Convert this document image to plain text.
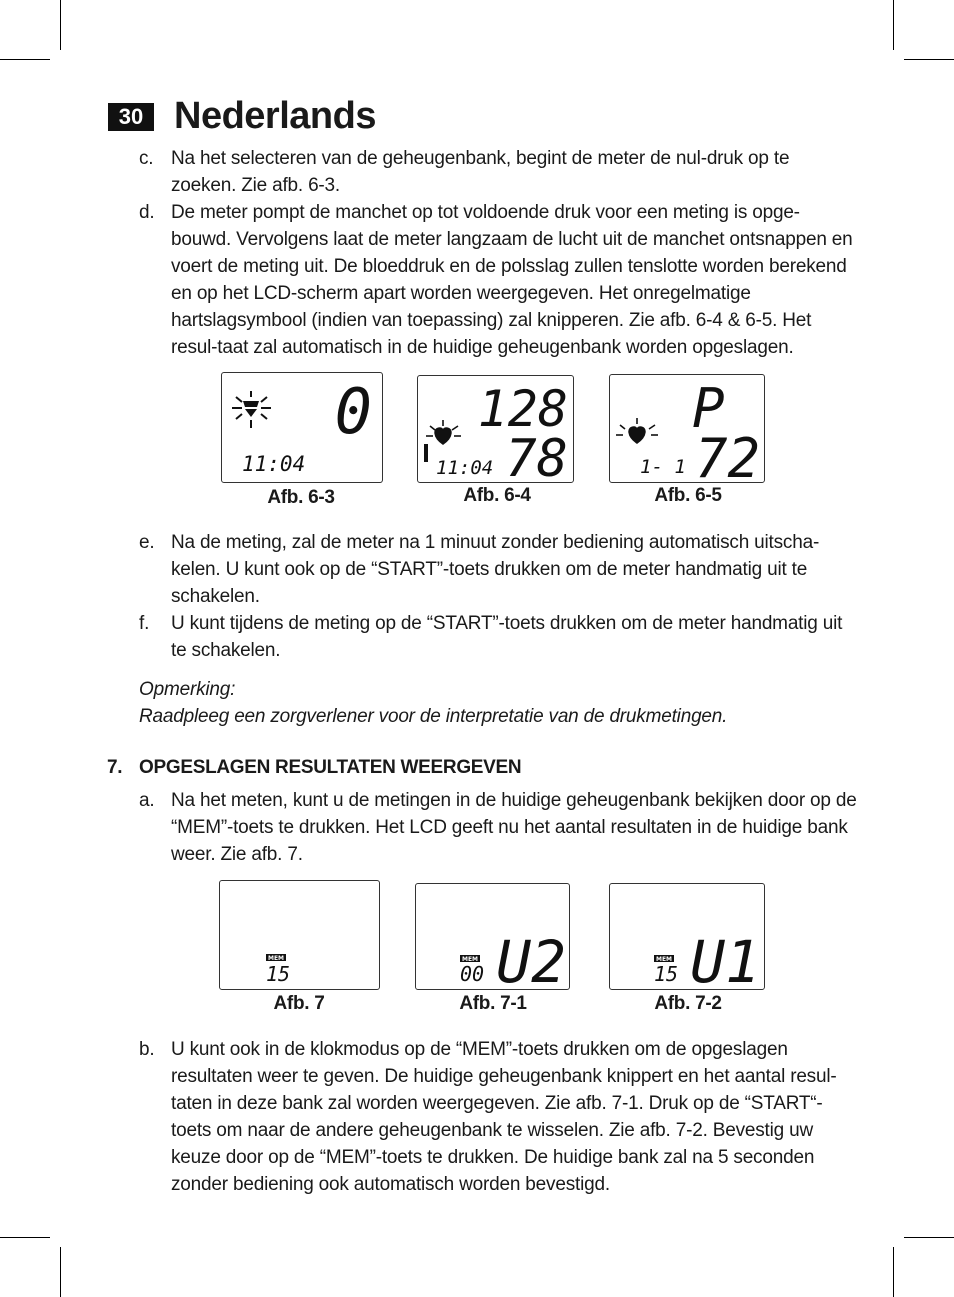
30 Nederlands
c. Na het selecteren van de geheugenbank, begint de meter de nul-druk op te zoeken. Zie afb. 6-3.
d. De meter pompt de manchet op tot voldoende druk voor een meting is opge-bouwd. Vervolgens laat de meter langzaam de lucht uit de manchet ontsnappen en voert de meting uit. De bloeddruk en de polsslag zullen tenslotte worden berekend en op het LCD-scherm apart worden weergegeven. Het onregelmatige hartslagsymbool (indien van toepassing) zal knipperen. Zie afb. 6-4 & 6-5. Het resul-taat zal automatisch in de huidige geheugenbank worden opgeslagen.
0
11:04
Afb. 6-3
128
78
11:04
Afb. 6-4
P
72
1- 1
Afb. 6-5
e. Na de meting, zal de meter na 1 minuut zonder bediening automatisch uitscha-kelen. U kunt ook op de “START”-toets drukken om de meter handmatig uit te schakelen.
f. U kunt tijdens de meting op de “START”-toets drukken om de meter handmatig uit te schakelen.
Opmerking:
Raadpleeg een zorgverlener voor de interpretatie van de drukmetingen.
7. OPGESLAGEN RESULTATEN WEERGEVEN
a. Na het meten, kunt u de metingen in de huidige geheugenbank bekijken door op de “MEM”-toets te drukken. Het LCD geeft nu het aantal resultaten in de huidige bank weer. Zie afb. 7.
MEM
15
Afb. 7
MEM
00 U2
Afb. 7-1
MEM
15 U1
Afb. 7-2
b. U kunt ook in de klokmodus op de “MEM”-toets drukken om de opgeslagen resultaten weer te geven. De huidige geheugenbank knippert en het aantal resul-taten in deze bank zal worden weergegeven. Zie afb. 7-1. Druk op de “START“-toets om naar de andere geheugenbank te wisselen. Zie afb. 7-2. Bevestig uw keuze door op de “MEM”-toets te drukken. De huidige bank zal na 5 seconden zonder bediening ook automatisch worden bevestigd.
